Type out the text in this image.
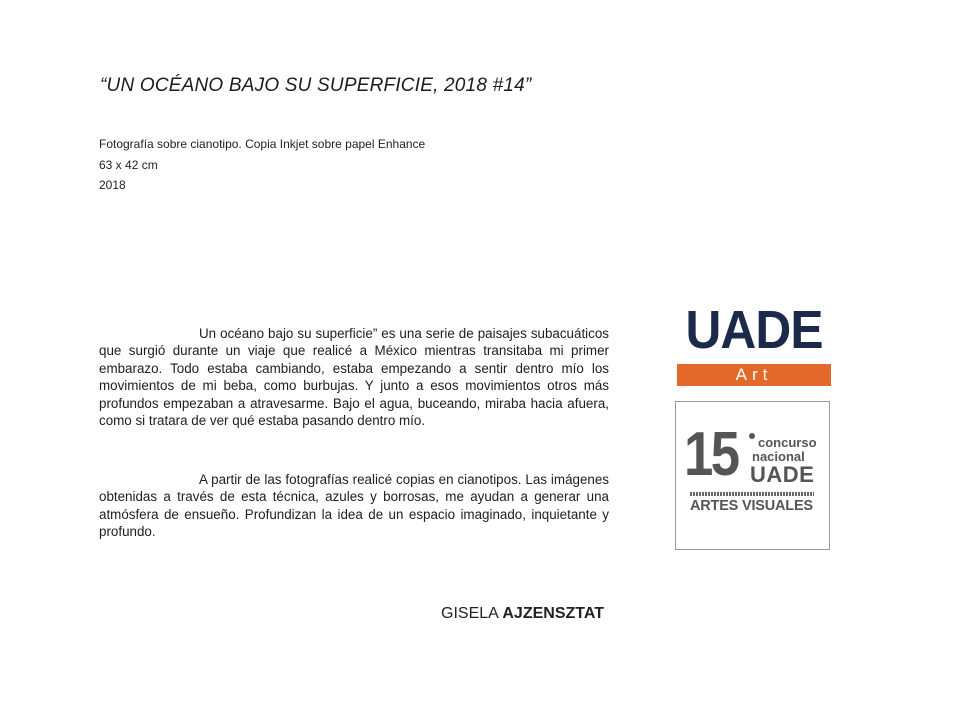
“UN OCÉANO BAJO SU SUPERFICIE, 2018 #14”
Fotografía sobre cianotipo. Copia Inkjet sobre papel Enhance
63 x 42 cm
2018
Un océano bajo su superficie” es una serie de paisajes subacuáticos que surgió durante un viaje que realicé a México mientras transitaba mi primer embarazo. Todo estaba cambiando, estaba empezando a sentir dentro mío los movimientos de mi beba, como burbujas. Y junto a esos movimientos otros más profundos empezaban a atravesarme. Bajo el agua, buceando, miraba hacia afuera, como si tratara de ver qué estaba pasando dentro mío.
A partir de las fotografías realicé copias en cianotipos. Las imágenes obtenidas a través de esta técnica, azules y borrosas, me ayudan a generar una atmósfera de ensueño. Profundizan la idea de un espacio imaginado, inquietante y profundo.
GISELA AJZENSZTAT
UADE
Art
15 concurso
nacional
UADE
ARTES VISUALES
